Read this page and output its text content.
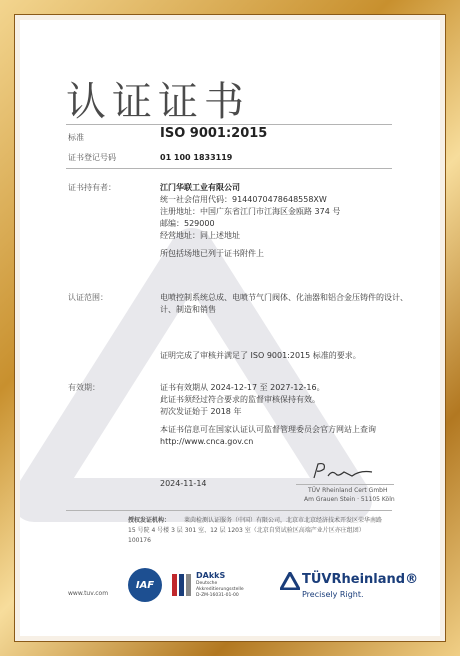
认证证书
标准	ISO 9001:2015
证书登记号码	01 100 1833119
证书持有者：	江门华联工业有限公司
统一社会信用代码：9144070478648558XW
注册地址：中国广东省江门市江海区金瓯路 374 号
邮编：529000
经营地址：同上述地址
所包括场地已列于证书附件上
认证范围：	电喷控制系统总成、电喷节气门阀体、化油器和铝合金压铸件的设计、
计、制造和销售
证明完成了审核并满足了 ISO 9001:2015 标准的要求。
有效期：	证书有效期从 2024-12-17 至 2027-12-16。
此证书须经过符合要求的监督审核保持有效。
初次发证始于 2018 年
本证书信息可在国家认证认可监督管理委员会官方网站上查询
http://www.cnca.gov.cn
2024-11-14
TÜV Rheinland Cert GmbH
Am Grauen Stein · 51105 Köln
授权发证机构： 莱茵检测认证服务（中国）有限公司，北京市北京经济技术开发区荣华南路
15 号院 4 号楼 3 层 301 室、12 层 1203 室（北京自贸试验区高端产业片区亦庄组团）
100176
www.tuv.com
IAF
DAkkS
Deutsche
Akkreditierungsstelle
D-ZM-16031-01-00
TÜVRheinland®
Precisely Right.
